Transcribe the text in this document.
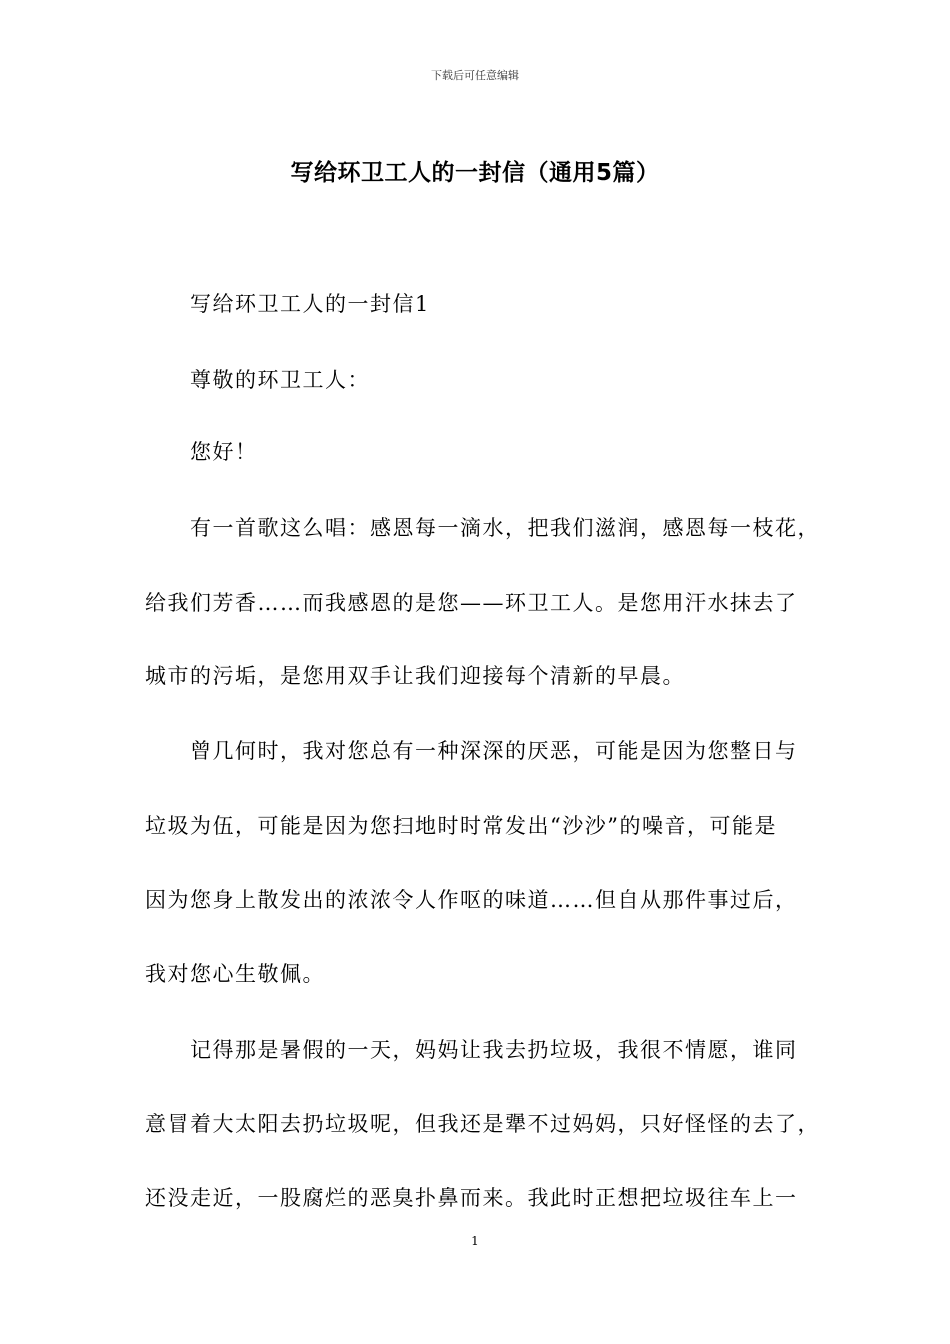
下载后可任意编辑
写给环卫工人的一封信（通用5篇）
写给环卫工人的一封信1
尊敬的环卫工人：
您好！
有一首歌这么唱：感恩每一滴水，把我们滋润，感恩每一枝花，
给我们芳香……而我感恩的是您——环卫工人。是您用汗水抹去了
城市的污垢，是您用双手让我们迎接每个清新的早晨。
曾几何时，我对您总有一种深深的厌恶，可能是因为您整日与
垃圾为伍，可能是因为您扫地时时常发出“沙沙”的噪音，可能是
因为您身上散发出的浓浓令人作呕的味道……但自从那件事过后，
我对您心生敬佩。
记得那是暑假的一天，妈妈让我去扔垃圾，我很不情愿，谁同
意冒着大太阳去扔垃圾呢，但我还是犟不过妈妈，只好怪怪的去了，
还没走近，一股腐烂的恶臭扑鼻而来。我此时正想把垃圾往车上一
1
